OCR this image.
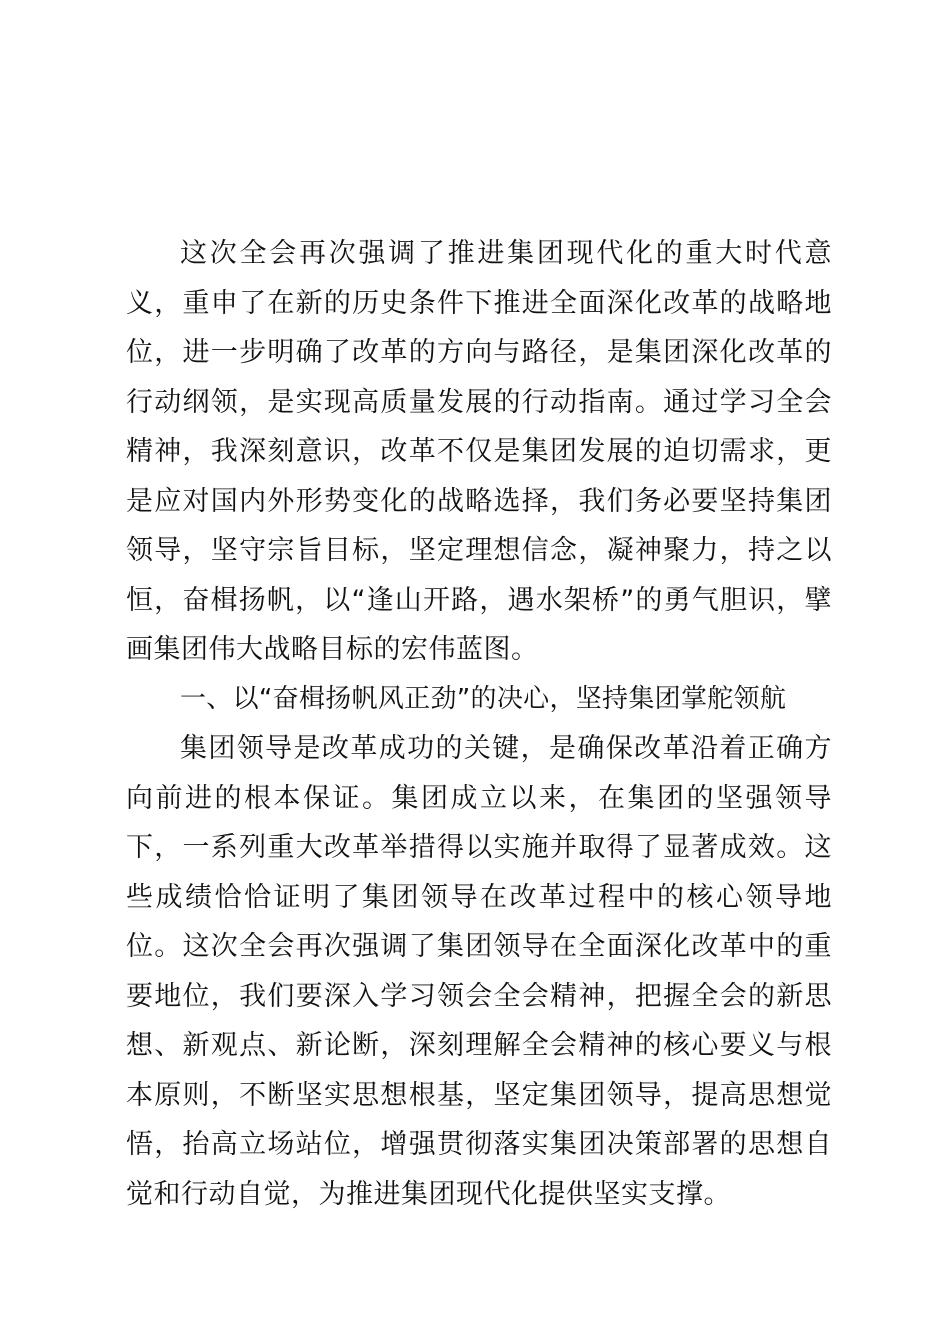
这次全会再次强调了推进集团现代化的重大时代意义，重申了在新的历史条件下推进全面深化改革的战略地位，进一步明确了改革的方向与路径，是集团深化改革的行动纲领，是实现高质量发展的行动指南。通过学习全会精神，我深刻意识，改革不仅是集团发展的迫切需求，更是应对国内外形势变化的战略选择，我们务必要坚持集团领导，坚守宗旨目标，坚定理想信念，凝神聚力，持之以恒，奋楫扬帆，以“逢山开路，遇水架桥”的勇气胆识，擘画集团伟大战略目标的宏伟蓝图。

一、以“奋楫扬帆风正劲”的决心，坚持集团掌舵领航

集团领导是改革成功的关键，是确保改革沿着正确方向前进的根本保证。集团成立以来，在集团的坚强领导下，一系列重大改革举措得以实施并取得了显著成效。这些成绩恰恰证明了集团领导在改革过程中的核心领导地位。这次全会再次强调了集团领导在全面深化改革中的重要地位，我们要深入学习领会全会精神，把握全会的新思想、新观点、新论断，深刻理解全会精神的核心要义与根本原则，不断坚实思想根基，坚定集团领导，提高思想觉悟，抬高立场站位，增强贯彻落实集团决策部署的思想自觉和行动自觉，为推进集团现代化提供坚实支撑。
